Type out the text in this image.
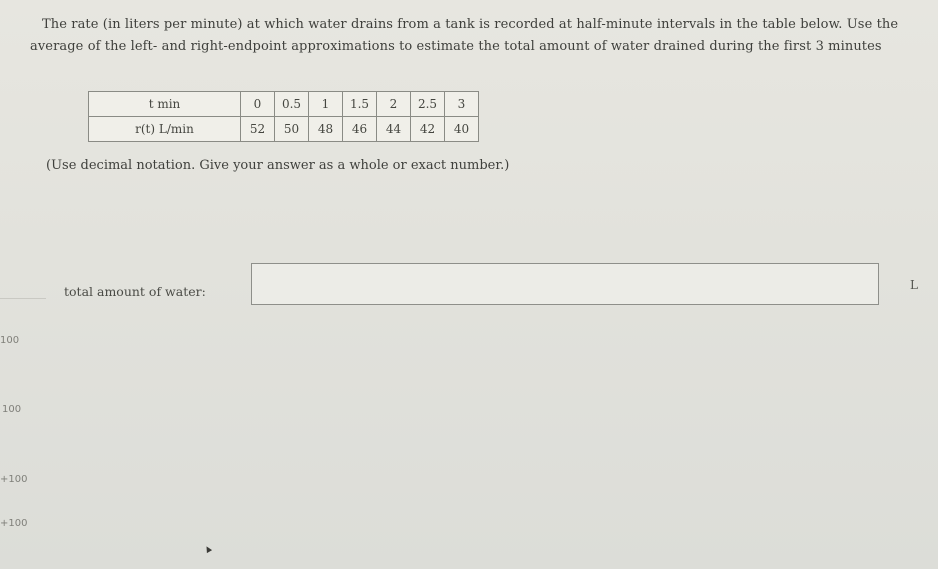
The rate (in liters per minute) at which water drains from a tank is recorded at half-minute intervals in the table below. Use the

average of the left- and right-endpoint approximations to estimate the total amount of water drained during the first 3 minutes

t min	0	0.5	1	1.5	2	2.5	3
r(t) L/min	52	50	48	46	44	42	40
(Use decimal notation. Give your answer as a whole or exact number.)
total amount of water:	L
100
100
+100
+100
